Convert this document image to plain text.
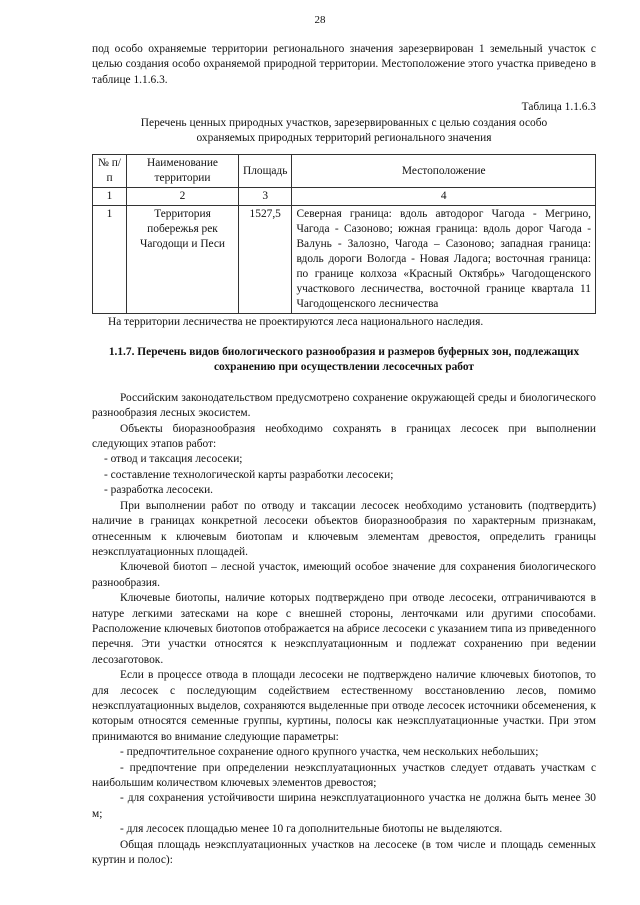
28

под особо охраняемые территории регионального значения зарезервирован 1 земельный участок с целью создания особо охраняемой природной территории. Местоположение этого участка приведено в таблице 1.1.6.3.

Таблица 1.1.6.3

Перечень ценных природных участков, зарезервированных с целью создания особо охраняемых природных территорий регионального значения

№ п/п	Наименование территории	Площадь	Местоположение
1	2	3	4
1	Территория побережья рек Чагодощи и Песи	1527,5	Северная граница: вдоль автодорог Чагода - Мегрино, Чагода - Сазоново; южная граница: вдоль дорог Чагода - Валунь - Залозно, Чагода – Сазоново; западная граница: вдоль дороги Вологда - Новая Ладога; восточная граница: по границе колхоза «Красный Октябрь» Чагодощенского участкового лесничества, восточной границе квартала 11 Чагодощенского лесничества

На территории лесничества не проектируются леса национального наследия.

1.1.7. Перечень видов биологического разнообразия и размеров буферных зон, подлежащих сохранению при осуществлении лесосечных работ

Российским законодательством предусмотрено сохранение окружающей среды и биологического разнообразия лесных экосистем.

Объекты биоразнообразия необходимо сохранять в границах лесосек при выполнении следующих этапов работ:

- отвод и таксация лесосеки;
- составление технологической карты разработки лесосеки;
- разработка лесосеки.

При выполнении работ по отводу и таксации лесосек необходимо установить (подтвердить) наличие в границах конкретной лесосеки объектов биоразнообразия по характерным признакам, отнесенным к ключевым биотопам и ключевым элементам древостоя, определить границы неэксплуатационных площадей.

Ключевой биотоп – лесной участок, имеющий особое значение для сохранения биологического разнообразия.

Ключевые биотопы, наличие которых подтверждено при отводе лесосеки, отграничиваются в натуре легкими затесками на коре с внешней стороны, ленточками или другими способами. Расположение ключевых биотопов отображается на абрисе лесосеки с указанием типа из приведенного перечня. Эти участки относятся к неэксплуатационным и подлежат сохранению при ведении лесозаготовок.

Если в процессе отвода в площади лесосеки не подтверждено наличие ключевых биотопов, то для лесосек с последующим содействием естественному восстановлению лесов, помимо неэксплуатационных выделов, сохраняются выделенные при отводе лесосек источники обсеменения, к которым относятся семенные группы, куртины, полосы как неэксплуатационные участки. При этом принимаются во внимание следующие параметры:

- предпочтительное сохранение одного крупного участка, чем нескольких небольших;
- предпочтение при определении неэксплуатационных участков следует отдавать участкам с наибольшим количеством ключевых элементов древостоя;
- для сохранения устойчивости ширина неэксплуатационного участка не должна быть менее 30 м;
- для лесосек площадью менее 10 га дополнительные биотопы не выделяются.

Общая площадь неэксплуатационных участков на лесосеке (в том числе и площадь семенных куртин и полос):
